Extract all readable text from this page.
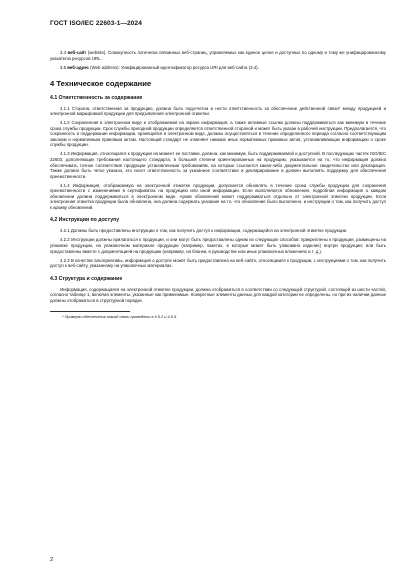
ГОСТ ISO/IEC 22603-1—2024

3.4 веб-сайт (website). Совокупность логически связанных веб-страниц, управляемых как единое целое и доступных по одному и тому же унифицированному указателю ресурсов URL.

3.5 веб-адрес (Web address): Унифицированный идентификатор ресурса URI для веб-сайта (3.4).

4 Техническое содержание
4.1 Ответственность за содержание

4.1.1 Сторона, ответственная за продукцию, должна быть подотчетна и нести ответственность за обеспечение действенной связи* между продукцией и электронной маркировкой продукции для предъявления электронной этикетки.

4.1.2 Сохраненная в электронном виде и отображаемая на экране информация, а также активные ссылки должны поддерживаться как минимум в течение срока службы продукции. Срок службы пригодной продукции определяется ответственной стороной и может быть указан в рабочей инструкции. Предполагается, что сохранность и поддержание информации, хранящейся в электронном виде, должны осуществляться в течение определенного периода согласно соответствующим законам и нормативным правовым актам. Настоящий стандарт не отменяет никаких иных нормативных правовых актов, устанавливающих информацию о сроке службы продукции.

4.1.3 Информация, относящаяся к продукции на момент ее поставки, должна, как минимум, быть поддерживаемой и доступной. В последующих частях ISO/IEC 22603, дополняющих требования настоящего стандарта, в большей степени ориентированных на продукцию, указывается на то, что информация должна обеспечивать точное соответствие продукции установленным требованиям, на которые ссылается какая-либо документальное свидетельство или декларация. Также должно быть четко указано, кто несет ответственность за указанное соответствие и декларирование и должен выполнять поддержку для обеспечения преемственности.

4.1.4 Информация, отображаемую на электронной этикетке продукции, допускается обновлять в течение срока службы продукции для сохранения преемственности с изменениями в сертификатах на продукцию или иной информации. Если выполняются обновления, подробная информация о каждом обновлении должна поддерживаться в электронном виде. Архив обновлений может поддерживаться отдельно от электронной этикетки продукции. Если электронная этикетка продукции была обновлена, она должна содержать указание на то, что обновление было выполнено, и инструкции о том, как получить доступ к архиву обновлений.

4.2 Инструкции по доступу

4.2.1 Должны быть предоставлены инструкции о том, как получить доступ к информации, содержащейся на электронной этикетке продукции.

4.2.2 Инструкции должны прилагаться к продукции, и они могут быть предоставлены одним из следующих способов: прикреплены к продукции, размещены на упаковке продукции, на упаковочном материале продукции (например, пакетах, в которые может быть упаковано изделие) внутри продукции; или быть предоставлены вместе с документацией на продукцию (например, на бланки, в руководстве или иных упаковочных вложениях и т. д.).

4.2.3 В качестве альтернативы, информация о доступе может быть предоставлена на веб-сайте, относящемся к продукции, с инструкциями о том, как получить доступ к веб-сайту, указанному на упаковочных материалах.

4.3 Структура и содержание

Информация, содержащаяся на электронной этикетке продукции, должна отображаться в соответствии со следующей структурой, состоящей из шести частей, согласно таблице 1, включая элементы, указанные как применимые. Конкретные элементы данных для каждой категории не определены, но при их наличии данные должны отображаться в структурной порядке.

* Примеры обеспечения такой связи приведены в 4.5.2 и 4.5.4.
2
